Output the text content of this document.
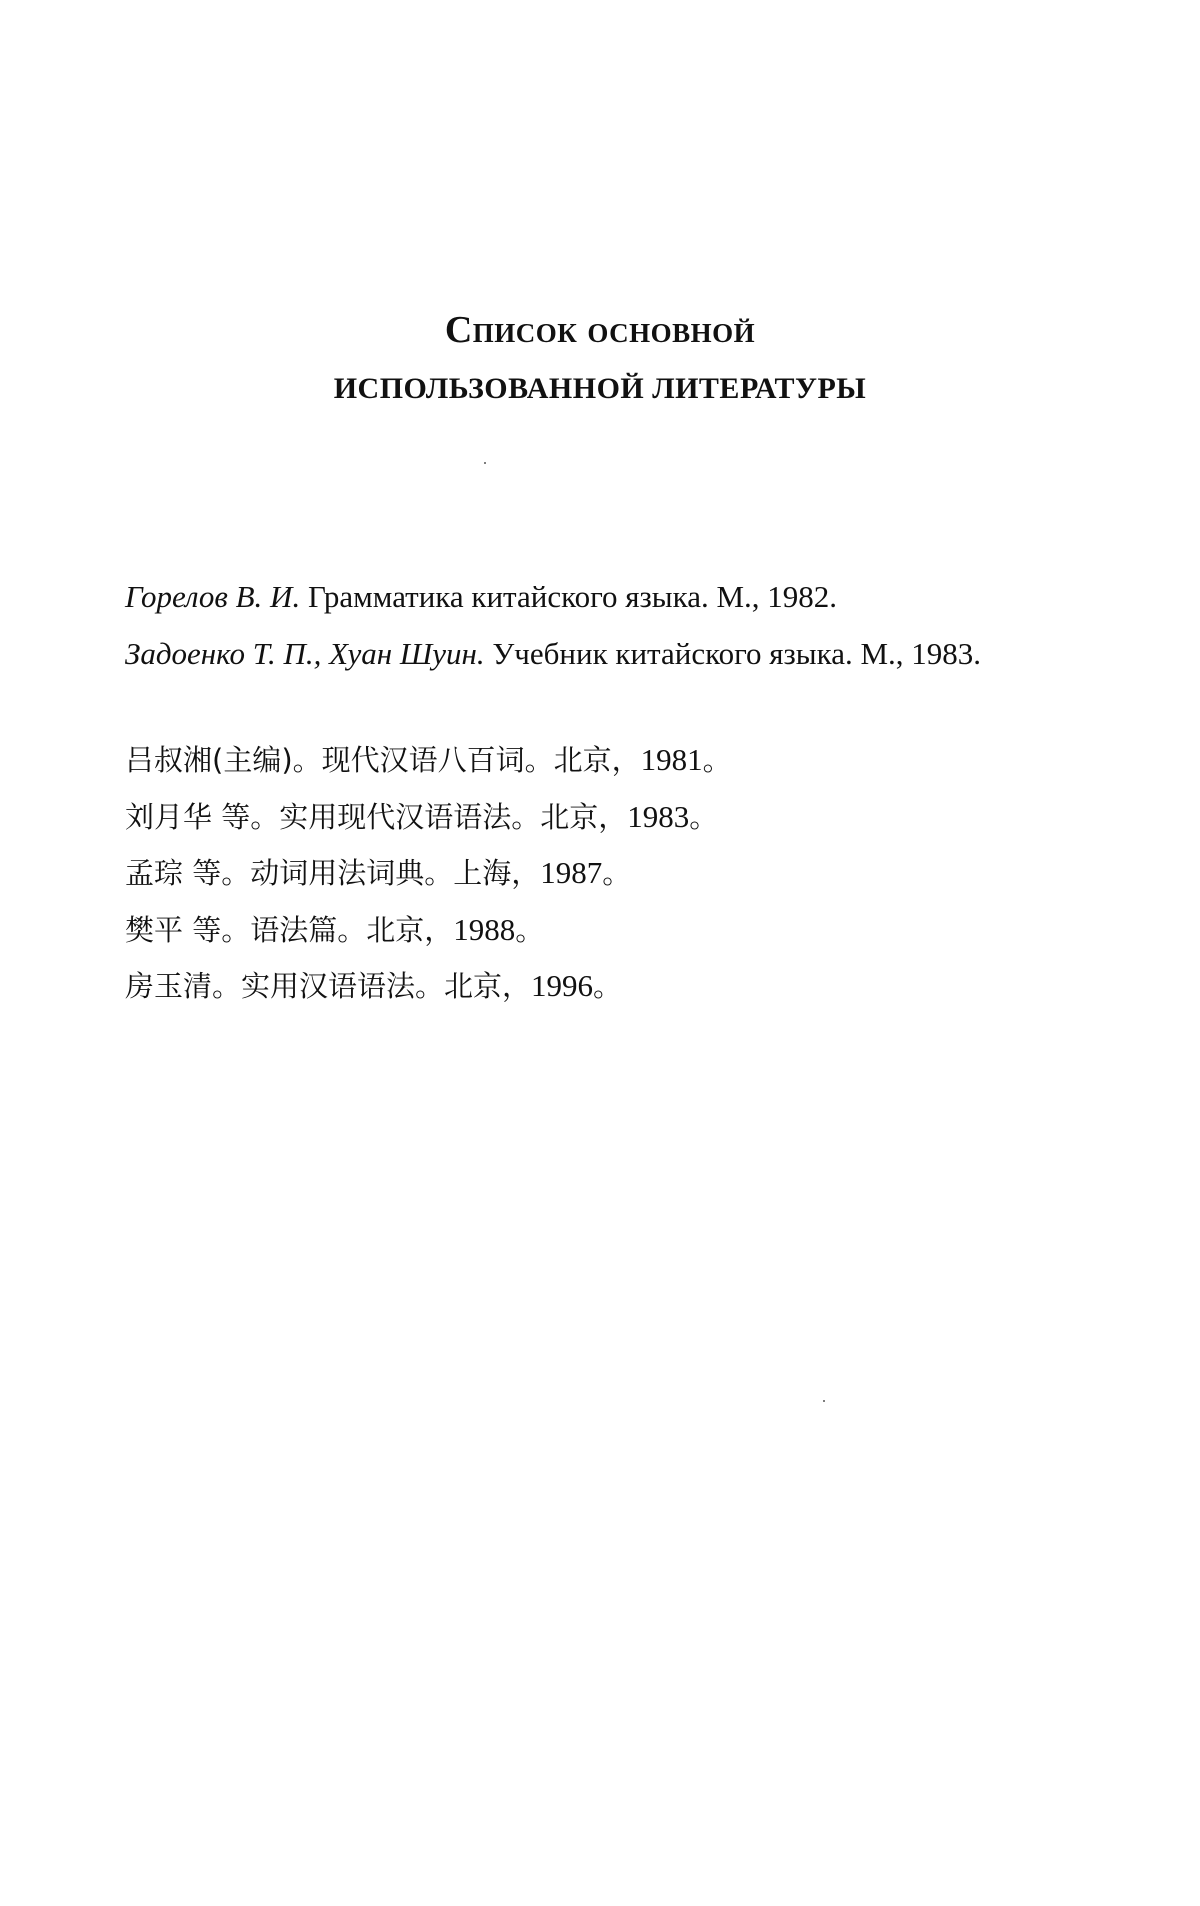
Список основной
ИСПОЛЬЗОВАННОЙ ЛИТЕРАТУРЫ
Горелов В. И. Грамматика китайского языка. М., 1982.
Задоенко Т. П., Хуан Шуин. Учебник китайского языка. М., 1983.
吕叔湘(主编)。现代汉语八百词。北京，1981。
刘月华 等。实用现代汉语语法。北京，1983。
孟琮 等。动词用法词典。上海，1987。
樊平 等。语法篇。北京，1988。
房玉清。实用汉语语法。北京，1996。
